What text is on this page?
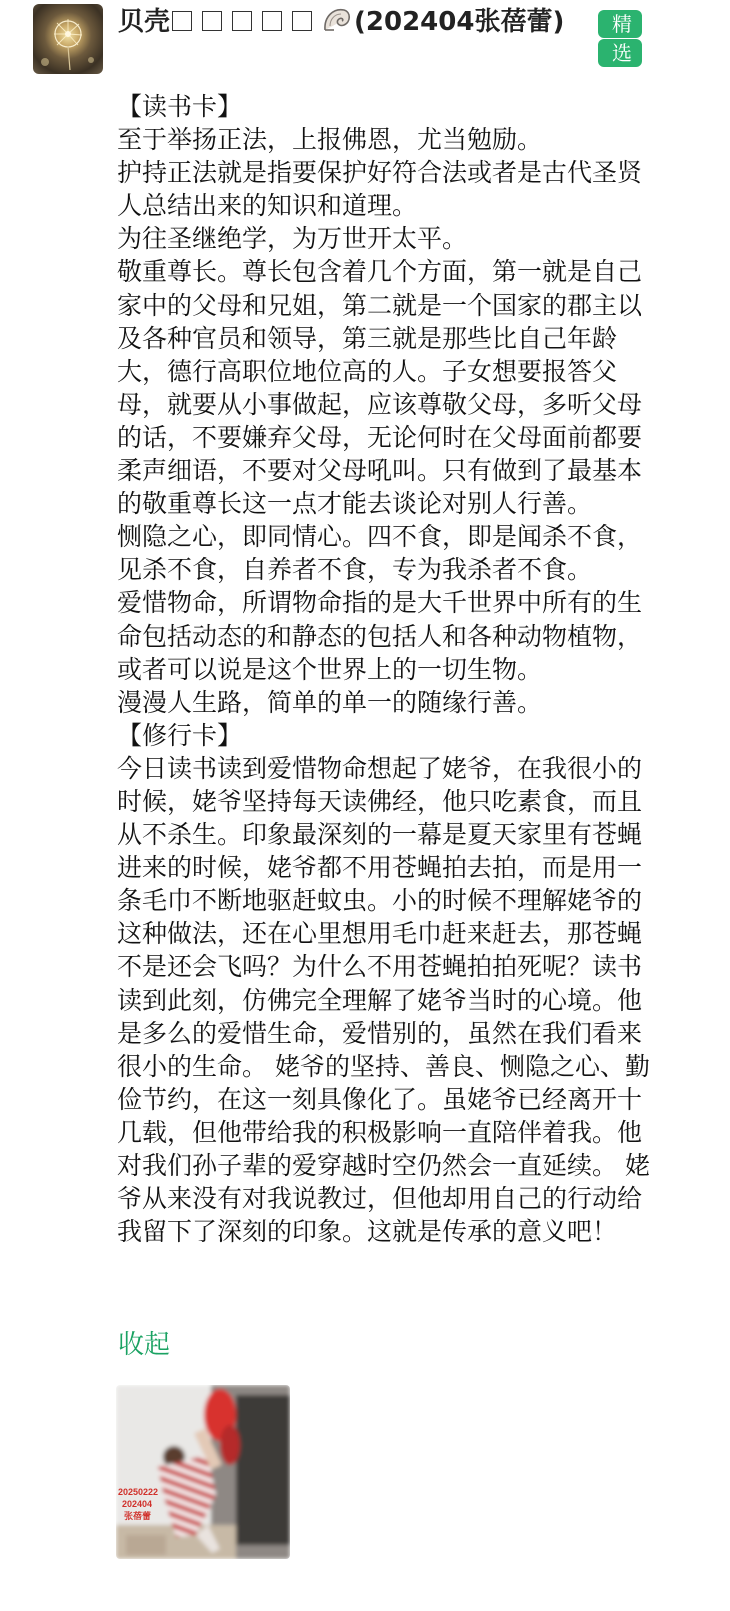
贝壳	(202404张蓓蕾)	精选

【读书卡】

至于举扬正法，上报佛恩，尤当勉励。

护持正法就是指要保护好符合法或者是古代圣贤人总结出来的知识和道理。

为往圣继绝学，为万世开太平。

敬重尊长。尊长包含着几个方面，第一就是自己家中的父母和兄姐，第二就是一个国家的郡主以及各种官员和领导，第三就是那些比自己年龄大，德行高职位地位高的人。子女想要报答父母，就要从小事做起，应该尊敬父母，多听父母的话，不要嫌弃父母，无论何时在父母面前都要柔声细语，不要对父母吼叫。只有做到了最基本的敬重尊长这一点才能去谈论对别人行善。

恻隐之心，即同情心。四不食，即是闻杀不食，见杀不食，自养者不食，专为我杀者不食。

爱惜物命，所谓物命指的是大千世界中所有的生命包括动态的和静态的包括人和各种动物植物，或者可以说是这个世界上的一切生物。

漫漫人生路，简单的单一的随缘行善。

【修行卡】

今日读书读到爱惜物命想起了姥爷，在我很小的时候，姥爷坚持每天读佛经，他只吃素食，而且从不杀生。印象最深刻的一幕是夏天家里有苍蝇进来的时候，姥爷都不用苍蝇拍去拍，而是用一条毛巾不断地驱赶蚊虫。小的时候不理解姥爷的这种做法，还在心里想用毛巾赶来赶去，那苍蝇不是还会飞吗？为什么不用苍蝇拍拍死呢？读书读到此刻，仿佛完全理解了姥爷当时的心境。他是多么的爱惜生命，爱惜别的，虽然在我们看来很小的生命。 姥爷的坚持、善良、恻隐之心、勤俭节约，在这一刻具像化了。虽姥爷已经离开十几载，但他带给我的积极影响一直陪伴着我。他对我们孙子辈的爱穿越时空仍然会一直延续。 姥爷从来没有对我说教过，但他却用自己的行动给我留下了深刻的印象。这就是传承的意义吧！

收起
20250222
202404
张蓓蕾
